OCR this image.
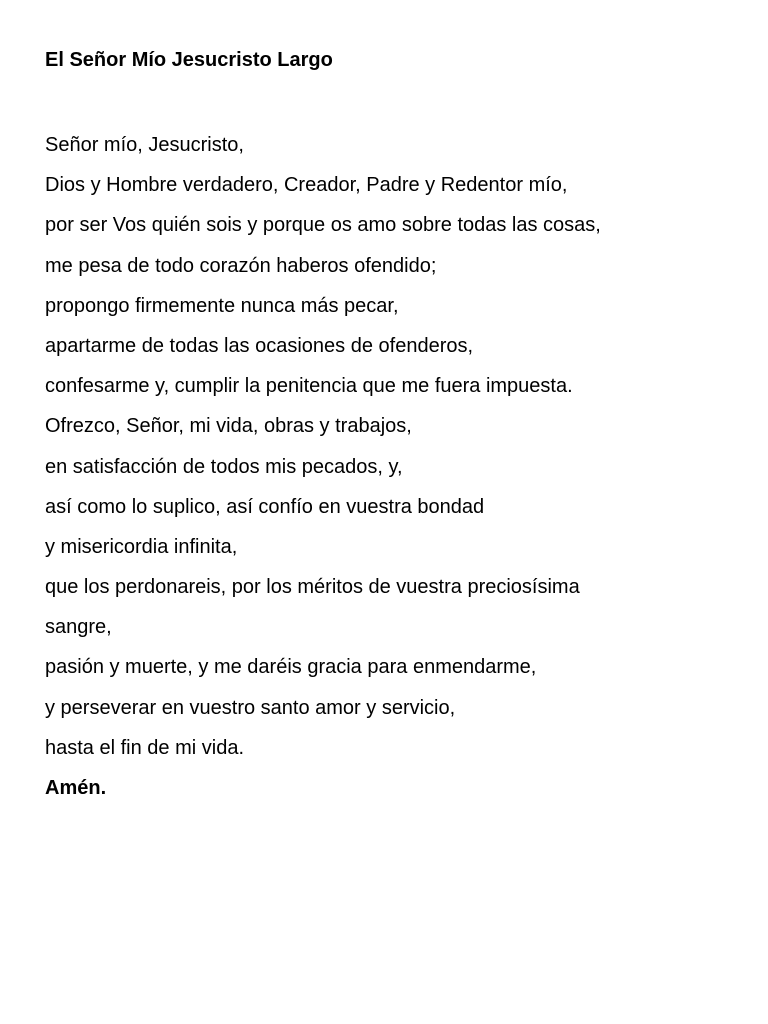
El Señor Mío Jesucristo Largo
Señor mío, Jesucristo,
Dios y Hombre verdadero, Creador, Padre y Redentor mío,
por ser Vos quién sois y porque os amo sobre todas las cosas,
me pesa de todo corazón haberos ofendido;
propongo firmemente nunca más pecar,
apartarme de todas las ocasiones de ofenderos,
confesarme y, cumplir la penitencia que me fuera impuesta.
Ofrezco, Señor, mi vida, obras y trabajos,
en satisfacción de todos mis pecados, y,
así como lo suplico, así confío en vuestra bondad
y misericordia infinita,
que los perdonareis, por los méritos de vuestra preciosísima
sangre,
pasión y muerte, y me daréis gracia para enmendarme,
y perseverar en vuestro santo amor y servicio,
hasta el fin de mi vida.
Amén.
